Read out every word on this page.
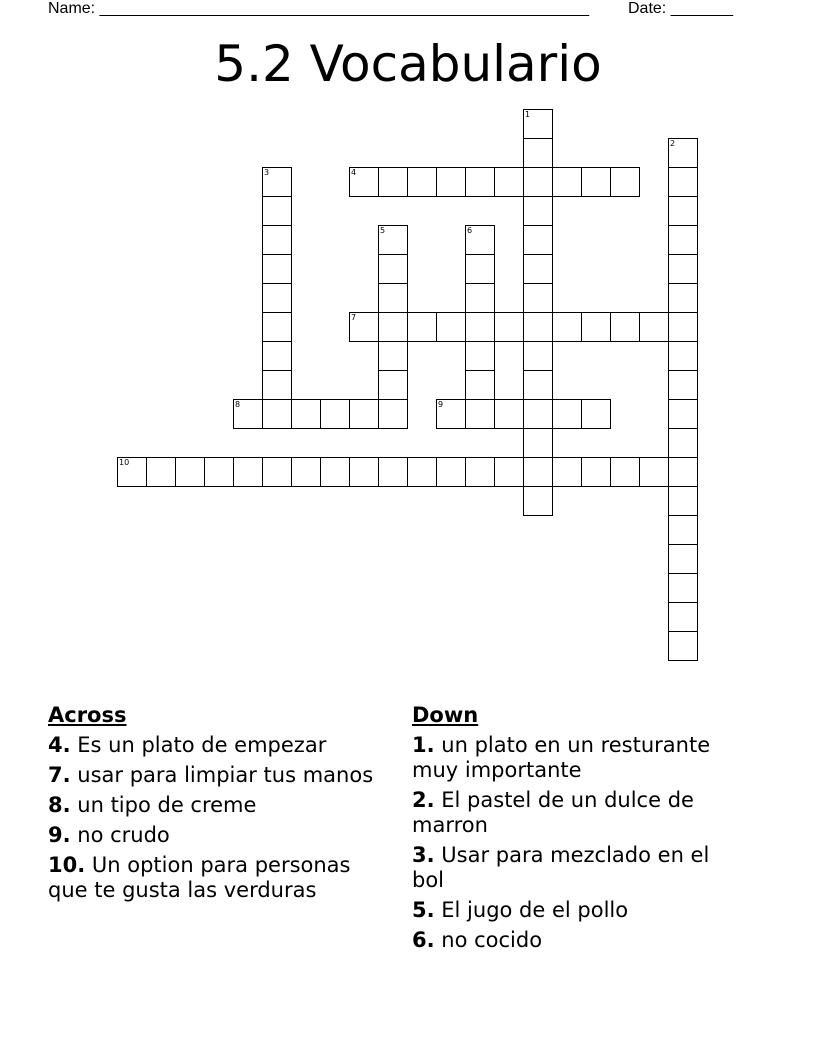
Name: _______________________________________________________ Date: _______
5.2 Vocabulario
1
2
3	4
5	6
7
8	9
10
Across
4. Es un plato de empezar
7. usar para limpiar tus manos
8. un tipo de creme
9. no crudo
10. Un option para personas que te gusta las verduras
Down
1. un plato en un resturante muy importante
2. El pastel de un dulce de marron
3. Usar para mezclado en el bol
5. El jugo de el pollo
6. no cocido
